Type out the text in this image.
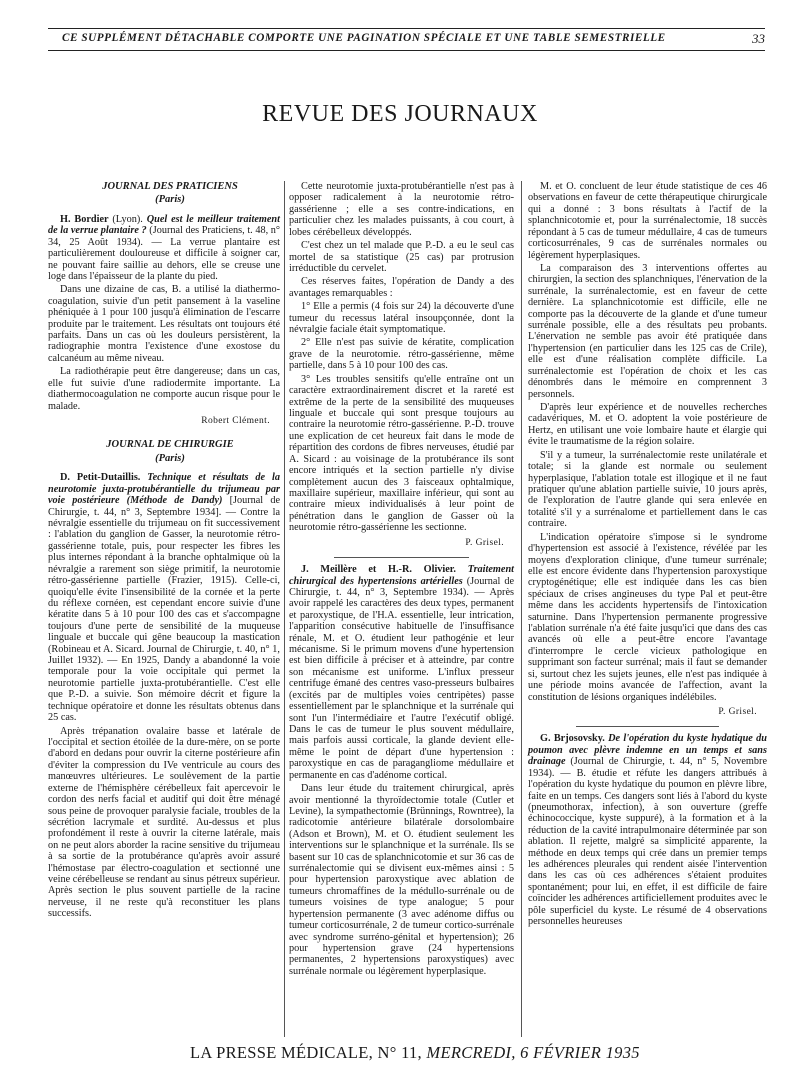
CE SUPPLÉMENT DÉTACHABLE COMPORTE UNE PAGINATION SPÉCIALE ET UNE TABLE SEMESTRIELLE	33
REVUE DES JOURNAUX

JOURNAL DES PRATICIENS

(Paris)

H. Bordier (Lyon). Quel est le meilleur traitement de la verrue plantaire ? (Journal des Praticiens, t. 48, n° 34, 25 Août 1934). — La verrue plantaire est particulièrement douloureuse et difficile à soigner car, ne pouvant faire saillie au dehors, elle se creuse une loge dans l'épaisseur de la plante du pied.

Dans une dizaine de cas, B. a utilisé la diathermo-coagulation, suivie d'un petit pansement à la vaseline phéniquée à 1 pour 100 jusqu'à élimination de l'escarre produite par le traitement. Les résultats ont toujours été parfaits. Dans un cas où les douleurs persistèrent, la radiographie montra l'existence d'une exostose du calcanéum au même niveau.

La radiothérapie peut être dangereuse; dans un cas, elle fut suivie d'une radiodermite importante. La diathermocoagulation ne comporte aucun risque pour le malade.

Robert Clément.

JOURNAL DE CHIRURGIE

(Paris)

D. Petit-Dutaillis. Technique et résultats de la neurotomie juxta-protubérantielle du trijumeau par voie postérieure (Méthode de Dandy) [Journal de Chirurgie, t. 44, n° 3, Septembre 1934]. — Contre la névralgie essentielle du trijumeau on fit successivement : l'ablation du ganglion de Gasser, la neurotomie rétro-gassérienne totale, puis, pour respecter les fibres les plus internes répondant à la branche ophtalmique où la névralgie a rarement son siège primitif, la neurotomie rétro-gassérienne partielle (Frazier, 1915). Celle-ci, quoiqu'elle évite l'insensibilité de la cornée et la perte du réflexe cornéen, est cependant encore suivie d'une kératite dans 5 à 10 pour 100 des cas et s'accompagne toujours d'une perte de sensibilité de la muqueuse linguale et buccale qui gêne beaucoup la mastication (Robineau et A. Sicard. Journal de Chirurgie, t. 40, n° 1, Juillet 1932). — En 1925, Dandy a abandonné la voie temporale pour la voie occipitale qui permet la neurotomie partielle juxta-protubérantielle. C'est elle que P.-D. a suivie. Son mémoire décrit et figure la technique opératoire et donne les résultats obtenus dans 25 cas.

Après trépanation ovalaire basse et latérale de l'occipital et section étoilée de la dure-mère, on se porte d'abord en dedans pour ouvrir la citerne postérieure afin d'éviter la compression du IVe ventricule au cours des manœuvres ultérieures. Le soulèvement de la partie externe de l'hémisphère cérébelleux fait apercevoir le cordon des nerfs facial et auditif qui doit être ménagé sous peine de provoquer paralysie faciale, troubles de la sécrétion lacrymale et surdité. Au-dessus et plus profondément il reste à ouvrir la citerne latérale, mais on ne peut alors aborder la racine sensitive du trijumeau à sa sortie de la protubérance qu'après avoir assuré l'hémostase par électro-coagulation et sectionné une veine cérébelleuse se rendant au sinus pétreux supérieur. Après section le plus souvent partielle de la racine nerveuse, il ne reste qu'à reconstituer les plans successifs.

Cette neurotomie juxta-protubérantielle n'est pas à opposer radicalement à la neurotomie rétro-gassérienne ; elle a ses contre-indications, en particulier chez les malades puissants, à cou court, à lobes cérébelleux développés.

C'est chez un tel malade que P.-D. a eu le seul cas mortel de sa statistique (25 cas) par protrusion irréductible du cervelet.

Ces réserves faites, l'opération de Dandy a des avantages remarquables :

1° Elle a permis (4 fois sur 24) la découverte d'une tumeur du recessus latéral insoupçonnée, dont la névralgie faciale était symptomatique.

2° Elle n'est pas suivie de kératite, complication grave de la neurotomie. rétro-gassérienne, même partielle, dans 5 à 10 pour 100 des cas.

3° Les troubles sensitifs qu'elle entraîne ont un caractère extraordinairement discret et la rareté est extrême de la perte de la sensibilité des muqueuses linguale et buccale qui sont presque toujours au contraire la neurotomie rétro-gassérienne. P.-D. trouve une explication de cet heureux fait dans le mode de répartition des cordons de fibres nerveuses, étudié par A. Sicard : au voisinage de la protubérance ils sont encore intriqués et la section partielle n'y divise complètement aucun des 3 faisceaux ophtalmique, maxillaire supérieur, maxillaire inférieur, qui sont au contraire mieux individualisés à leur point de pénétration dans le ganglion de Gasser où la neurotomie rétro-gassérienne les sectionne.

P. Grisel.

J. Meillère et H.-R. Olivier. Traitement chirurgical des hypertensions artérielles (Journal de Chirurgie, t. 44, n° 3, Septembre 1934). — Après avoir rappelé les caractères des deux types, permanent et paroxystique, de l'H.A. essentielle, leur intrication, l'apparition consécutive habituelle de l'insuffisance rénale, M. et O. étudient leur pathogénie et leur mécanisme. Si le primum movens d'une hypertension est bien difficile à préciser et à atteindre, par contre son mécanisme est uniforme. L'influx presseur centrifuge émané des centres vaso-presseurs bulbaires (excités par de multiples voies centripètes) passe essentiellement par le splanchnique et la surrénale qui sont l'un l'intermédiaire et l'autre l'exécutif obligé. Dans le cas de tumeur le plus souvent médullaire, mais parfois aussi corticale, la glande devient elle-même le point de départ d'une hypertension : paroxystique en cas de paragangliome médullaire et permanente en cas d'adénome cortical.

Dans leur étude du traitement chirurgical, après avoir mentionné la thyroïdectomie totale (Cutler et Levine), la sympathectomie (Brünnings, Rowntree), la radicotomie antérieure bilatérale dorsolombaire (Adson et Brown), M. et O. étudient seulement les interventions sur le splanchnique et la surrénale. Ils se basent sur 10 cas de splanchnicotomie et sur 36 cas de surrénalectomie qui se divisent eux-mêmes ainsi : 5 pour hypertension paroxystique avec ablation de tumeurs chromaffines de la médullo-surrénale ou de tumeurs voisines de type analogue; 5 pour hypertension permanente (3 avec adénome diffus ou tumeur corticosurrénale, 2 de tumeur cortico-surrénale avec syndrome surréno-génital et hypertension); 26 pour hypertension grave (24 hypertensions permanentes, 2 hypertensions paroxystiques) avec surrénale normale ou légèrement hyperplasique.

M. et O. concluent de leur étude statistique de ces 46 observations en faveur de cette thérapeutique chirurgicale qui a donné : 3 bons résultats à l'actif de la splanchnicotomie et, pour la surrénalectomie, 18 succès répondant à 5 cas de tumeur médullaire, 4 cas de tumeurs corticosurrénales, 9 cas de surrénales normales ou légèrement hyperplasiques.

La comparaison des 3 interventions offertes au chirurgien, la section des splanchniques, l'énervation de la surrénale, la surrénalectomie, est en faveur de cette dernière. La splanchnicotomie est difficile, elle ne comporte pas la découverte de la glande et d'une tumeur surrénale possible, elle a des résultats peu probants. L'énervation ne semble pas avoir été pratiquée dans l'hypertension (en particulier dans les 125 cas de Crile), elle est d'une réalisation complète difficile. La surrénalectomie est l'opération de choix et les cas dénombrés dans le mémoire en comprennent 3 personnels.

D'après leur expérience et de nouvelles recherches cadavériques, M. et O. adoptent la voie postérieure de Hertz, en utilisant une voie lombaire haute et élargie qui évite le traumatisme de la région solaire.

S'il y a tumeur, la surrénalectomie reste unilatérale et totale; si la glande est normale ou seulement hyperplasique, l'ablation totale est illogique et il ne faut pratiquer qu'une ablation partielle suivie, 10 jours après, de l'exploration de l'autre glande qui sera enlevée en totalité s'il y a surrénalome et partiellement dans le cas contraire.

L'indication opératoire s'impose si le syndrome d'hypertension est associé à l'existence, révélée par les moyens d'exploration clinique, d'une tumeur surrénale; elle est encore évidente dans l'hypertension paroxystique cryptogénétique; elle est indiquée dans les cas bien spéciaux de crises angineuses du type Pal et peut-être même dans les accidents hypertensifs de l'intoxication saturnine. Dans l'hypertension permanente progressive l'ablation surrénale n'a été faite jusqu'ici que dans des cas avancés où elle a peut-être encore l'avantage d'interrompre le cercle vicieux pathologique en supprimant son facteur surrénal; mais il faut se demander si, surtout chez les sujets jeunes, elle n'est pas indiquée à une période moins avancée de l'affection, avant la constitution de lésions organiques indélébiles.

P. Grisel.

G. Brjosovsky. De l'opération du kyste hydatique du poumon avec plèvre indemne en un temps et sans drainage (Journal de Chirurgie, t. 44, n° 5, Novembre 1934). — B. étudie et réfute les dangers attribués à l'opération du kyste hydatique du poumon en plèvre libre, faite en un temps. Ces dangers sont liés à l'abord du kyste (pneumothorax, infection), à son ouverture (greffe échinococcique, kyste suppuré), à la formation et à la réduction de la cavité intrapulmonaire déterminée par son ablation. Il rejette, malgré sa simplicité apparente, la méthode en deux temps qui crée dans un premier temps les adhérences pleurales qui rendent aisée l'intervention dans les cas où ces adhérences s'étaient produites spontanément; pour lui, en effet, il est difficile de faire coïncider les adhérences artificiellement produites avec le pôle superficiel du kyste. Le résumé de 4 observations personnelles heureuses

LA PRESSE MÉDICALE, N° 11, MERCREDI, 6 FÉVRIER 1935
